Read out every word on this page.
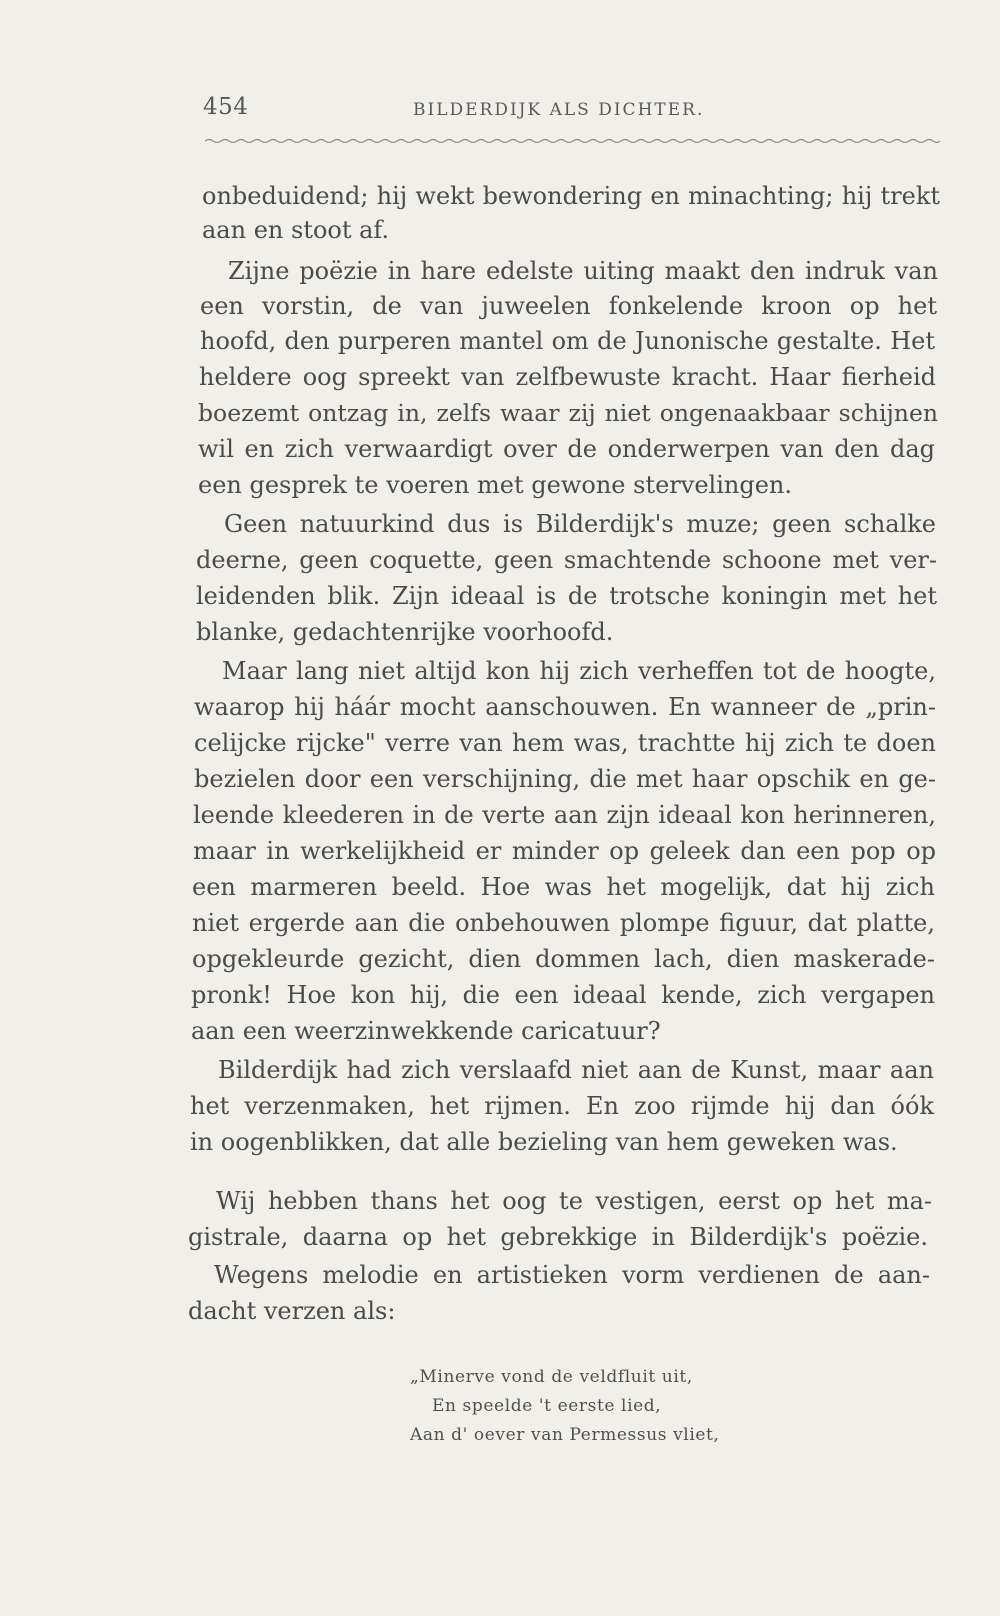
454	BILDERDIJK ALS DICHTER.
onbeduidend; hij wekt bewondering en minachting; hij trekt
aan en stoot af.
Zijne poëzie in hare edelste uiting maakt den indruk van
een vorstin, de van juweelen fonkelende kroon op het
hoofd, den purperen mantel om de Junonische gestalte. Het
heldere oog spreekt van zelfbewuste kracht. Haar fierheid
boezemt ontzag in, zelfs waar zij niet ongenaakbaar schijnen
wil en zich verwaardigt over de onderwerpen van den dag
een gesprek te voeren met gewone stervelingen.
Geen natuurkind dus is Bilderdijk's muze; geen schalke
deerne, geen coquette, geen smachtende schoone met ver-
leidenden blik. Zijn ideaal is de trotsche koningin met het
blanke, gedachtenrijke voorhoofd.
Maar lang niet altijd kon hij zich verheffen tot de hoogte,
waarop hij háár mocht aanschouwen. En wanneer de „prin-
celijcke rijcke" verre van hem was, trachtte hij zich te doen
bezielen door een verschijning, die met haar opschik en ge-
leende kleederen in de verte aan zijn ideaal kon herinneren,
maar in werkelijkheid er minder op geleek dan een pop op
een marmeren beeld. Hoe was het mogelijk, dat hij zich
niet ergerde aan die onbehouwen plompe figuur, dat platte,
opgekleurde gezicht, dien dommen lach, dien maskerade-
pronk! Hoe kon hij, die een ideaal kende, zich vergapen
aan een weerzinwekkende caricatuur?
Bilderdijk had zich verslaafd niet aan de Kunst, maar aan
het verzenmaken, het rijmen. En zoo rijmde hij dan óók
in oogenblikken, dat alle bezieling van hem geweken was.
Wij hebben thans het oog te vestigen, eerst op het ma-
gistrale, daarna op het gebrekkige in Bilderdijk's poëzie.
Wegens melodie en artistieken vorm verdienen de aan-
dacht verzen als:
„Minerve vond de veldfluit uit,
En speelde 't eerste lied,
Aan d' oever van Permessus vliet,
